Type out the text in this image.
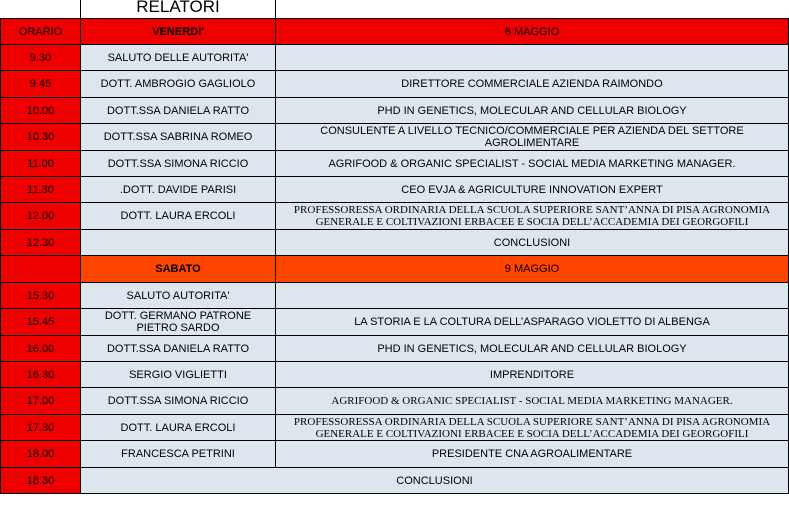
RELATORI
ORARIO	VENERDI'	8 MAGGIO
9.30	SALUTO DELLE AUTORITA'	
9.45	DOTT. AMBROGIO GAGLIOLO	DIRETTORE COMMERCIALE AZIENDA RAIMONDO
10.00	DOTT.SSA DANIELA RATTO	PHD IN GENETICS, MOLECULAR AND CELLULAR BIOLOGY
10.30	DOTT.SSA SABRINA ROMEO	CONSULENTE A LIVELLO TECNICO/COMMERCIALE PER AZIENDA DEL SETTORE AGROLIMENTARE
11.00	DOTT.SSA SIMONA RICCIO	AGRIFOOD & ORGANIC SPECIALIST - SOCIAL MEDIA MARKETING MANAGER.
11.30	.DOTT. DAVIDE PARISI	CEO EVJA & AGRICULTURE INNOVATION EXPERT
12.00	DOTT. LAURA ERCOLI	PROFESSORESSA ORDINARIA DELLA SCUOLA SUPERIORE SANT’ANNA DI PISA AGRONOMIA GENERALE E COLTIVAZIONI ERBACEE E SOCIA DELL’ACCADEMIA DEI GEORGOFILI
12.30		CONCLUSIONI
	SABATO	9 MAGGIO
15.30	SALUTO AUTORITA'	
15.45	DOTT. GERMANO PATRONE PIETRO SARDO	LA STORIA E LA COLTURA DELL’ASPARAGO VIOLETTO DI ALBENGA
16.00	DOTT.SSA DANIELA RATTO	PHD IN GENETICS, MOLECULAR AND CELLULAR BIOLOGY
16.30	SERGIO VIGLIETTI	IMPRENDITORE
17.00	DOTT.SSA SIMONA RICCIO	AGRIFOOD & ORGANIC SPECIALIST - SOCIAL MEDIA MARKETING MANAGER.
17.30	DOTT. LAURA ERCOLI	PROFESSORESSA ORDINARIA DELLA SCUOLA SUPERIORE SANT’ANNA DI PISA AGRONOMIA GENERALE E COLTIVAZIONI ERBACEE E SOCIA DELL’ACCADEMIA DEI GEORGOFILI
18.00	FRANCESCA PETRINI	PRESIDENTE CNA AGROALIMENTARE
18.30	CONCLUSIONI	
